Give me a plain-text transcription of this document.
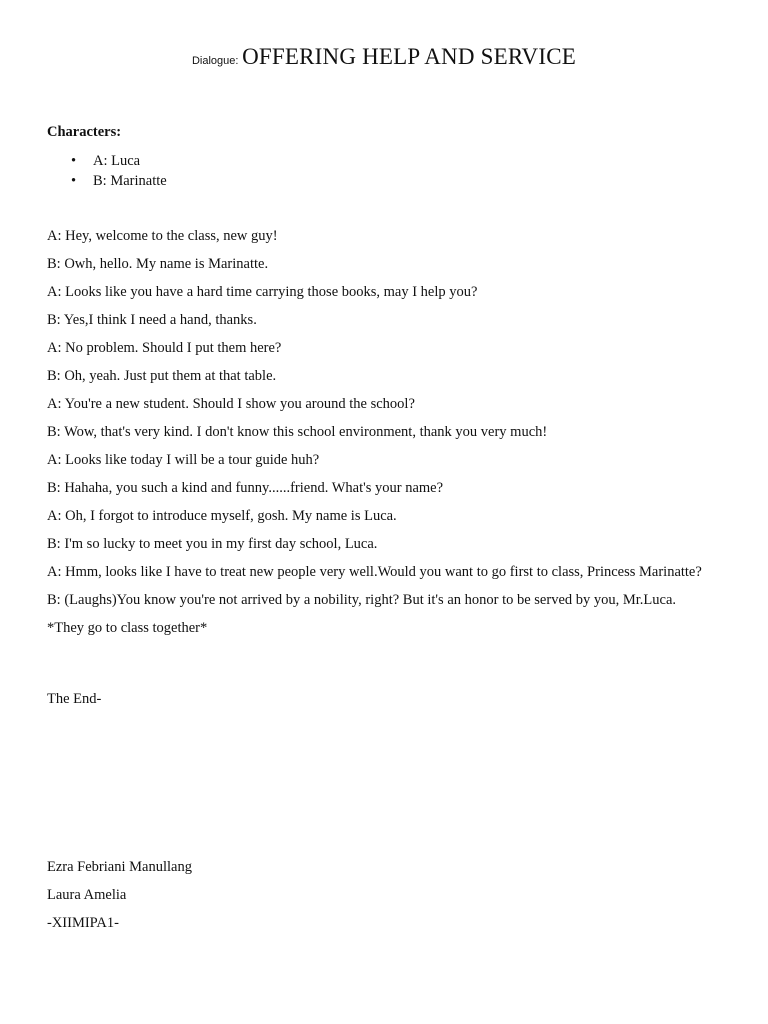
Dialogue: OFFERING HELP AND SERVICE
Characters:
• A: Luca
• B: Marinatte
A: Hey, welcome to the class, new guy!
B: Owh, hello. My name is Marinatte.
A: Looks like you have a hard time carrying those books, may I help you?
B: Yes,I think I need a hand, thanks.
A: No problem. Should I put them here?
B: Oh, yeah. Just put them at that table.
A: You're a new student. Should I show you around the school?
B: Wow, that's very kind. I don't know this school environment, thank you very much!
A: Looks like today I will be a tour guide huh?
B: Hahaha, you such a kind and funny......friend. What's your name?
A: Oh, I forgot to introduce myself, gosh. My name is Luca.
B: I'm so lucky to meet you in my first day school, Luca.
A: Hmm, looks like I have to treat new people very well.Would you want to go first to class, Princess Marinatte?
B: (Laughs)You know you're not arrived by a nobility, right? But it's an honor to be served by you, Mr.Luca.
*They go to class together*
The End-
Ezra Febriani Manullang
Laura Amelia
-XIIMIPA1-
